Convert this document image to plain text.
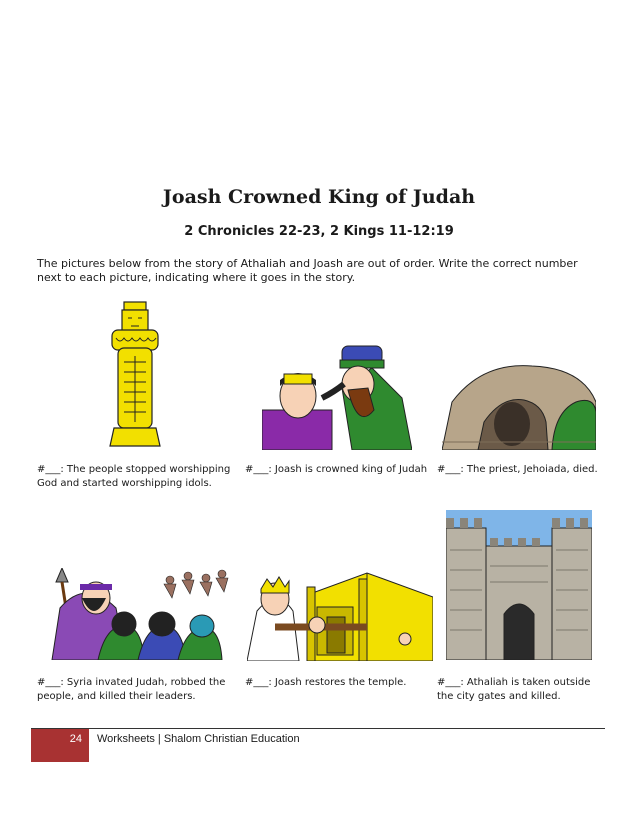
Joash Crowned King of Judah
2 Chronicles 22-23, 2 Kings 11-12:19
The pictures below from the story of Athaliah and Joash are out of order. Write the correct number next to each picture, indicating where it goes in the story.
#___: The people stopped worshipping God and started worshipping idols.
#___: Joash is crowned king of Judah #___: The priest, Jehoiada, died.
#___: Syria invated Judah, robbed the people, and killed their leaders.
#___: Joash restores the temple.	#___: Athaliah is taken outside the city gates and killed.
24	Worksheets | Shalom Christian Education
